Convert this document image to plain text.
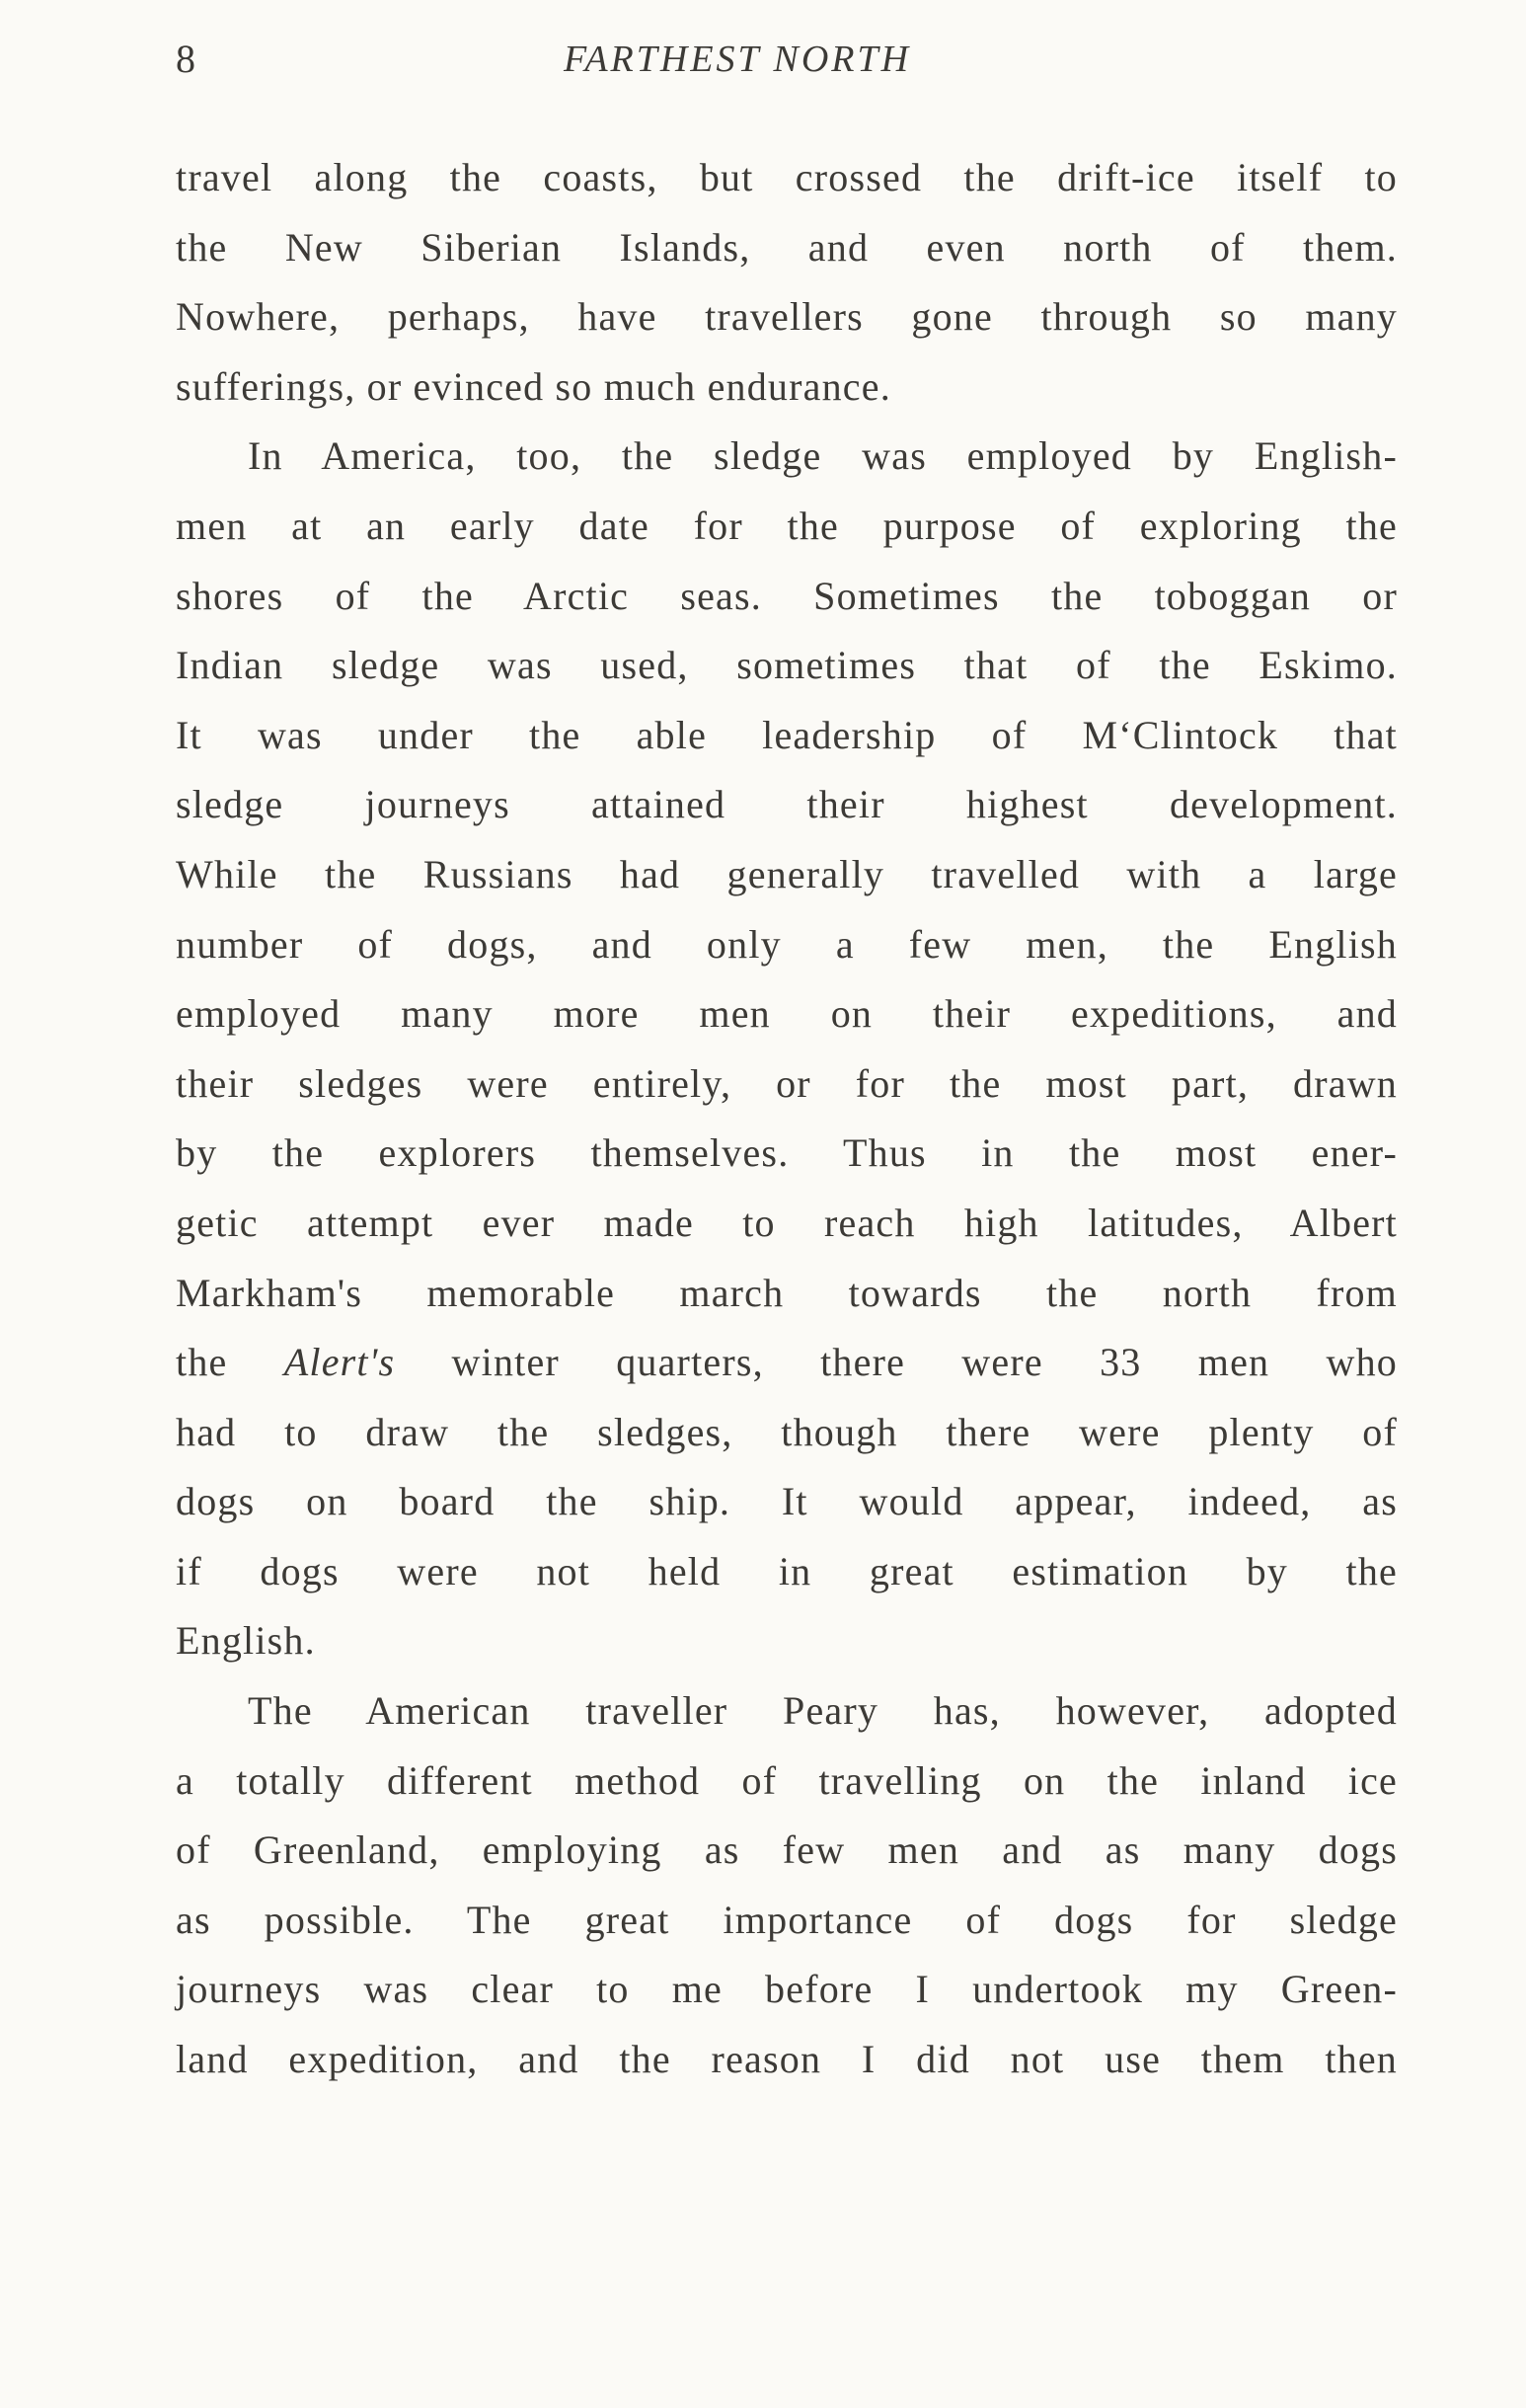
8	FARTHEST NORTH

travel along the coasts, but crossed the drift-ice itself to
the New Siberian Islands, and even north of them.
Nowhere, perhaps, have travellers gone through so many
sufferings, or evinced so much endurance.

In America, too, the sledge was employed by English-
men at an early date for the purpose of exploring the
shores of the Arctic seas. Sometimes the toboggan or
Indian sledge was used, sometimes that of the Eskimo.
It was under the able leadership of M‘Clintock that
sledge journeys attained their highest development.
While the Russians had generally travelled with a large
number of dogs, and only a few men, the English
employed many more men on their expeditions, and
their sledges were entirely, or for the most part, drawn
by the explorers themselves. Thus in the most ener-
getic attempt ever made to reach high latitudes, Albert
Markham's memorable march towards the north from
the Alert's winter quarters, there were 33 men who
had to draw the sledges, though there were plenty of
dogs on board the ship. It would appear, indeed, as
if dogs were not held in great estimation by the
English.

The American traveller Peary has, however, adopted
a totally different method of travelling on the inland ice
of Greenland, employing as few men and as many dogs
as possible. The great importance of dogs for sledge
journeys was clear to me before I undertook my Green-
land expedition, and the reason I did not use them then
